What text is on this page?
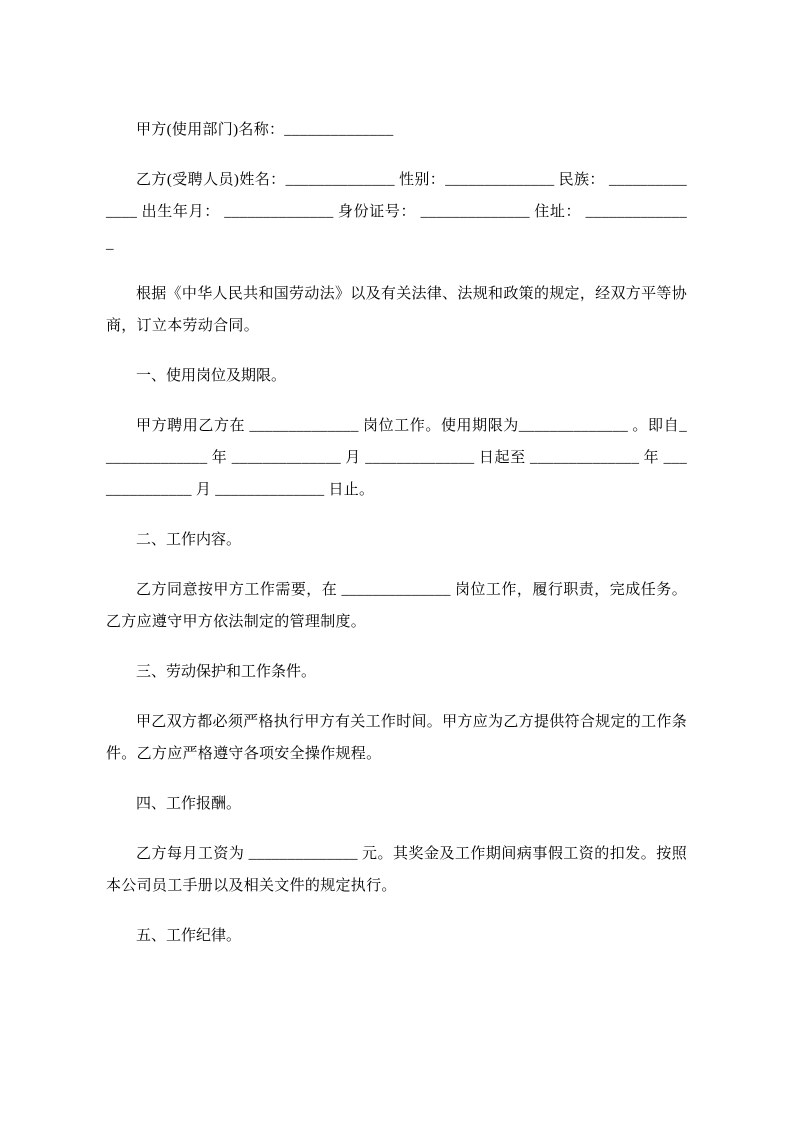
甲方(使用部门)名称：______________

乙方(受聘人员)姓名：______________ 性别：______________ 民族： ______________ 出生年月： ______________ 身份证号： ______________ 住址： ______________

根据《中华人民共和国劳动法》以及有关法律、法规和政策的规定，经双方平等协商，订立本劳动合同。

一、使用岗位及期限。

甲方聘用乙方在 ______________ 岗位工作。使用期限为______________ 。即自______________ 年 ______________ 月 ______________ 日起至 ______________ 年 ______________ 月 ______________ 日止。

二、工作内容。

乙方同意按甲方工作需要，在 ______________ 岗位工作，履行职责，完成任务。乙方应遵守甲方依法制定的管理制度。

三、劳动保护和工作条件。

甲乙双方都必须严格执行甲方有关工作时间。甲方应为乙方提供符合规定的工作条件。乙方应严格遵守各项安全操作规程。

四、工作报酬。

乙方每月工资为 ______________ 元。其奖金及工作期间病事假工资的扣发。按照本公司员工手册以及相关文件的规定执行。

五、工作纪律。
